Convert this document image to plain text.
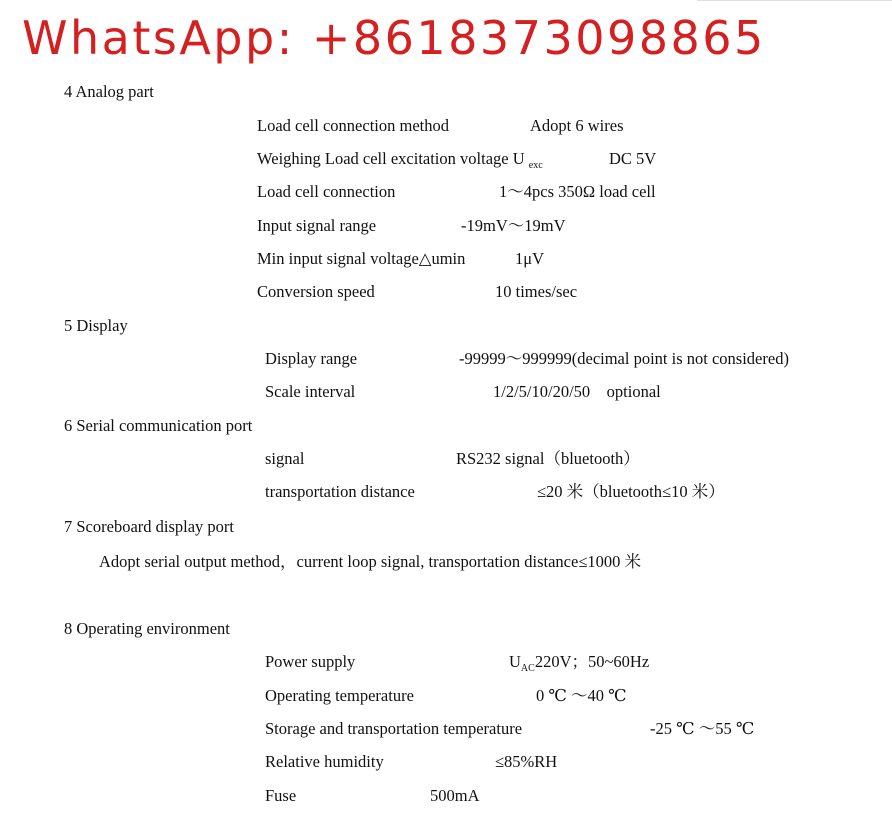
WhatsApp: +8618373098865
4 Analog part
Load cell connection method	Adopt 6 wires
Weighing Load cell excitation voltage U $_{exc}$	DC 5V
Load cell connection	1～4pcs 350Ω load cell
Input signal range	-19mV～19mV
Min input signal voltage△umin	1μV
Conversion speed	10 times/sec
5 Display
Display range	-99999～999999(decimal point is not considered)
Scale interval	1/2/5/10/20/50    optional
6 Serial communication port
signal	RS232 signal（bluetooth）
transportation distance	≤20 米（bluetooth≤10 米）
7 Scoreboard display port
Adopt serial output method，current loop signal, transportation distance≤1000 米
8 Operating environment
Power supply	$U_{AC}220V$；50~60Hz
Operating temperature	0 ℃ ～40 ℃
Storage and transportation temperature	-25 ℃ ～55 ℃
Relative humidity	≤85%RH
Fuse	500mA
